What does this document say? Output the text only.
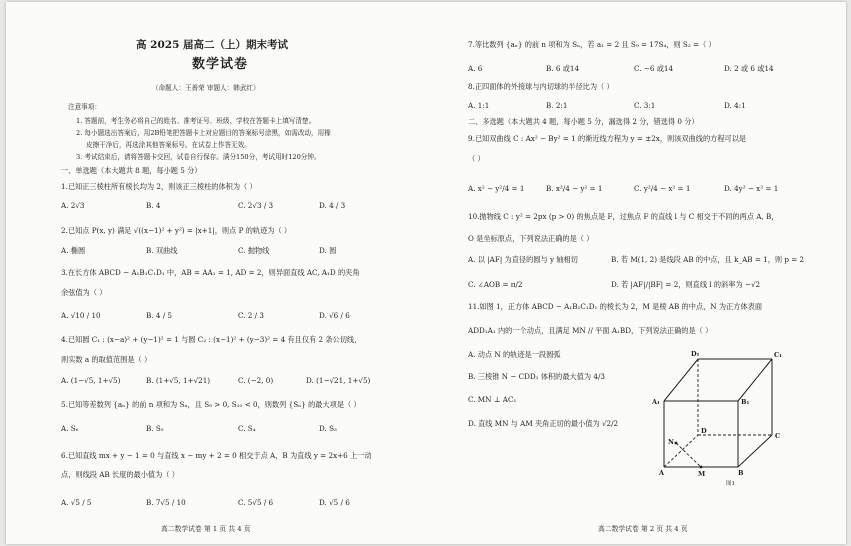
高 2025 届高二（上）期末考试
数学试卷
（命题人：王善荣 审题人：韩武红）
注意事项：
1. 答题前，考生务必将自己的姓名、准考证号、班级、学校在答题卡上填写清楚。
2. 每小题选出答案后，用2B铅笔把答题卡上对应题目的答案标号涂黑，如需改动，用橡
皮擦干净后，再选涂其他答案标号。在试卷上作答无效。
3. 考试结束后，请将答题卡交回，试卷自行保存。满分150分，考试用时120分钟。
一、单选题（本大题共 8 题，每小题 5 分）
1.已知正三棱柱所有棱长均为 2，则该正三棱柱的体积为（ ）
A. 2√3	B. 4	C. 2√3 / 3	D. 4 / 3
2.已知点 P(x, y) 满足 √((x−1)² + y²) = |x+1|，则点 P 的轨迹为（ ）
A. 椭圆	B. 双曲线	C. 抛物线	D. 圆
3.在长方体 ABCD − A₁B₁C₁D₁ 中，AB = AA₁ = 1, AD = 2，则异面直线 AC, A₁D 的夹角
余弦值为（ ）
A. √10 / 10	B. 4 / 5	C. 2 / 3	D. √6 / 6
4.已知圆 C₁ : (x−a)² + (y−1)² = 1 与圆 C₂ : (x−1)² + (y−3)² = 4 有且仅有 2 条公切线，
则实数 a 的取值范围是（ ）
A. (1−√5, 1+√5)	B. (1+√5, 1+√21)	C. (−2, 0)	D. (1−√21, 1+√5)
5.已知等差数列 {aₙ} 的前 n 项和为 Sₙ，且 S₉ > 0, S₁₀ < 0，则数列 {Sₙ} 的最大项是（ ）
A. S₆	B. S₅	C. S₄	D. S₃
6.已知直线 mx + y − 1 = 0 与直线 x − my + 2 = 0 相交于点 A，B 为直线 y = 2x+6 上一动
点，则线段 AB 长度的最小值为（ ）
A. √5 / 5	B. 7√5 / 10	C. 5√5 / 6	D. √5 / 6
高二数学试卷 第 1 页 共 4 页
7.等比数列 {aₙ} 的前 n 项和为 Sₙ，若 a₁ = 2 且 S₉ = 17S₄，则 S₃ =（ ）
A. 6	B. 6 或14	C. −6 或14	D. 2 或 6 或14
8.正四面体的外接球与内切球的半径比为（ ）
A. 1:1	B. 2:1	C. 3:1	D. 4:1
二、多选题（本大题共 4 题，每小题 5 分，漏选得 2 分，错选得 0 分）
9.已知双曲线 C : Ax² − By² = 1 的渐近线方程为 y = ±2x，则该双曲线的方程可以是
（ ）
A. x² − y²/4 = 1	B. x²/4 − y² = 1	C. y²/4 − x² = 1	D. 4y² − x² = 1
10.抛物线 C : y² = 2px (p > 0) 的焦点是 F，过焦点 F 的直线 l 与 C 相交于不同的两点 A, B，
O 是坐标原点，下列说法正确的是（ ）
A. 以 |AF| 为直径的圆与 y 轴相切	B. 若 M(1, 2) 是线段 AB 的中点，且 k_AB = 1，则 p = 2
C. ∠AOB = π/2	D. 若 |AF|/|BF| = 2，则直线 l 的斜率为 −√2
11.如图 1，正方体 ABCD − A₁B₁C₁D₁ 的棱长为 2，M 是棱 AB 的中点，N 为正方体表面
ADD₁A₁ 内的一个动点，且满足 MN // 平面 A₁BD，下列说法正确的是（ ）
A. 动点 N 的轨迹是一段圆弧
B. 三棱锥 N − CDD₁ 体积的最大值为 4/3
C. MN ⊥ AC₁
D. 直线 MN 与 AM 夹角正切的最小值为 √2/2
D₁	C₁
A₁	B₁
D
C
N
A	M	B
图1
高二数学试卷 第 2 页 共 4 页
